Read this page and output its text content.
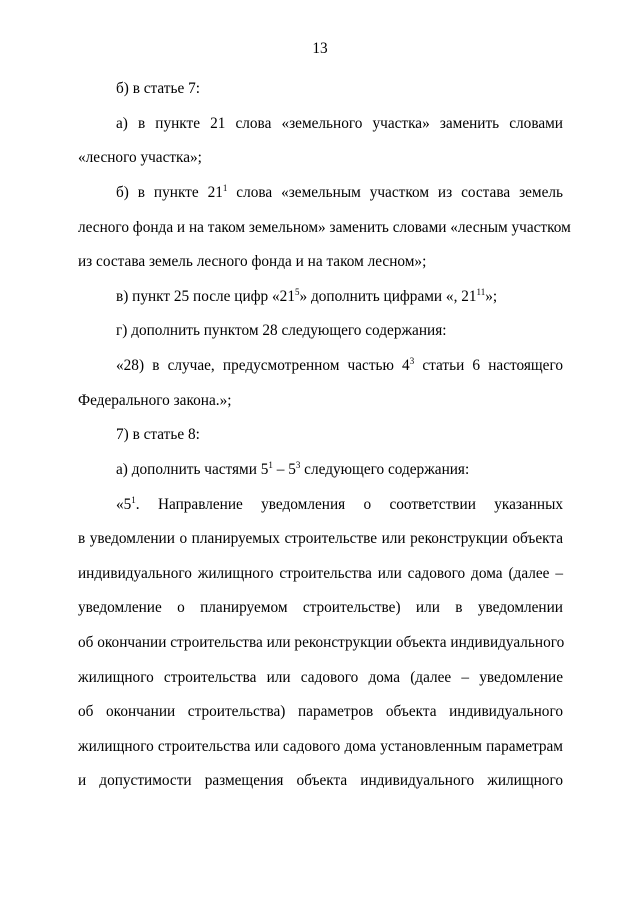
13
б) в статье 7:
а) в пункте 21 слова «земельного участка» заменить словами
«лесного участка»;
б) в пункте $21^1$ слова «земельным участком из состава земель
лесного фонда и на таком земельном» заменить словами «лесным участком
из состава земель лесного фонда и на таком лесном»;
в) пункт 25 после цифр «$21^5$» дополнить цифрами «, $21^{11}$»;
г) дополнить пунктом 28 следующего содержания:
«28) в случае, предусмотренном частью $4^3$ статьи 6 настоящего
Федерального закона.»;
7) в статье 8:
а) дополнить частями $5^1 - 5^3$ следующего содержания:
«$5^1$. Направление уведомления о соответствии указанных
в уведомлении о планируемых строительстве или реконструкции объекта
индивидуального жилищного строительства или садового дома (далее –
уведомление о планируемом строительстве) или в уведомлении
об окончании строительства или реконструкции объекта индивидуального
жилищного строительства или садового дома (далее – уведомление
об окончании строительства) параметров объекта индивидуального
жилищного строительства или садового дома установленным параметрам
и допустимости размещения объекта индивидуального жилищного
